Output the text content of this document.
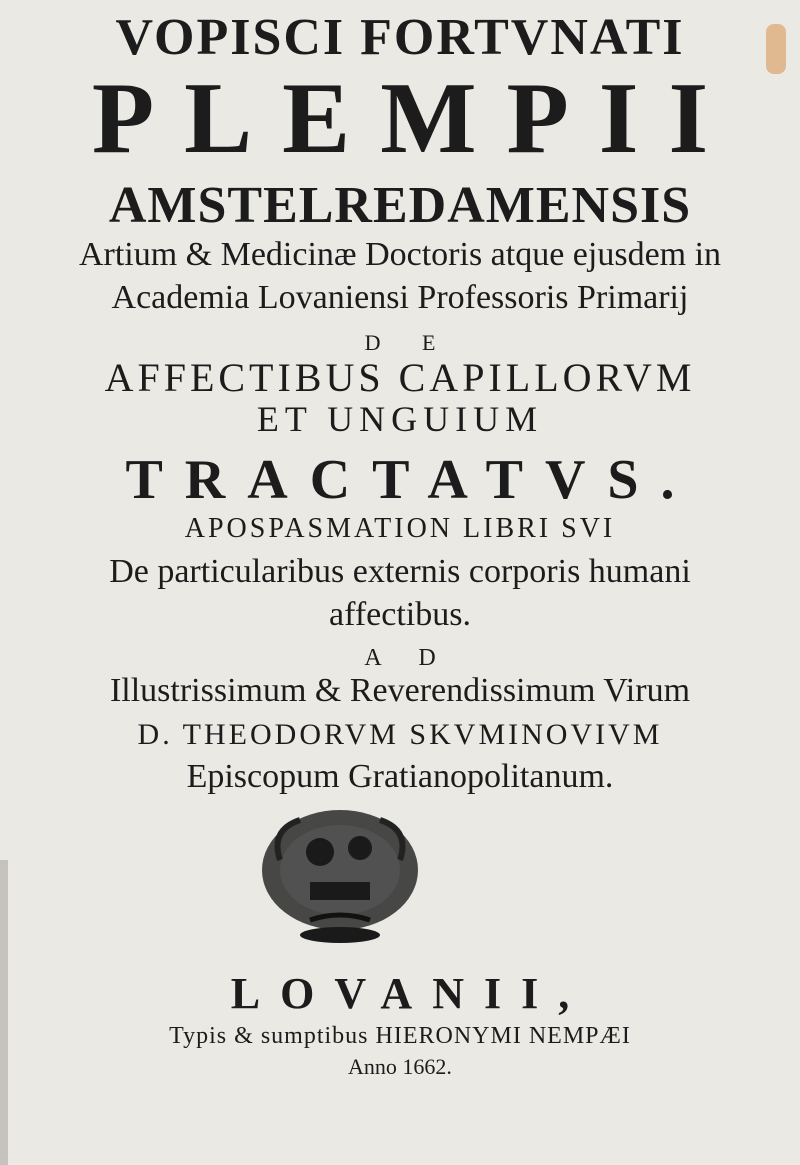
VOPISCI FORTVNATI
PLEMPII
AMSTELREDAMENSIS
Artium & Medicinæ Doctoris atque ejusdem in
Academia Lovaniensi Professoris Primarij
D E
AFFECTIBUS CAPILLORVM
ET UNGUIUM
TRACTATVS.
APOSPASMATION LIBRI SVI
De particularibus externis corporis humani
affectibus.
A D
Illustrissimum & Reverendissimum Virum
D. THEODORVM SKVMINOVIVM
Episcopum Gratianopolitanum.
LOVANII,
Typis & sumptibus HIERONYMI NEMPÆI
Anno 1662.
